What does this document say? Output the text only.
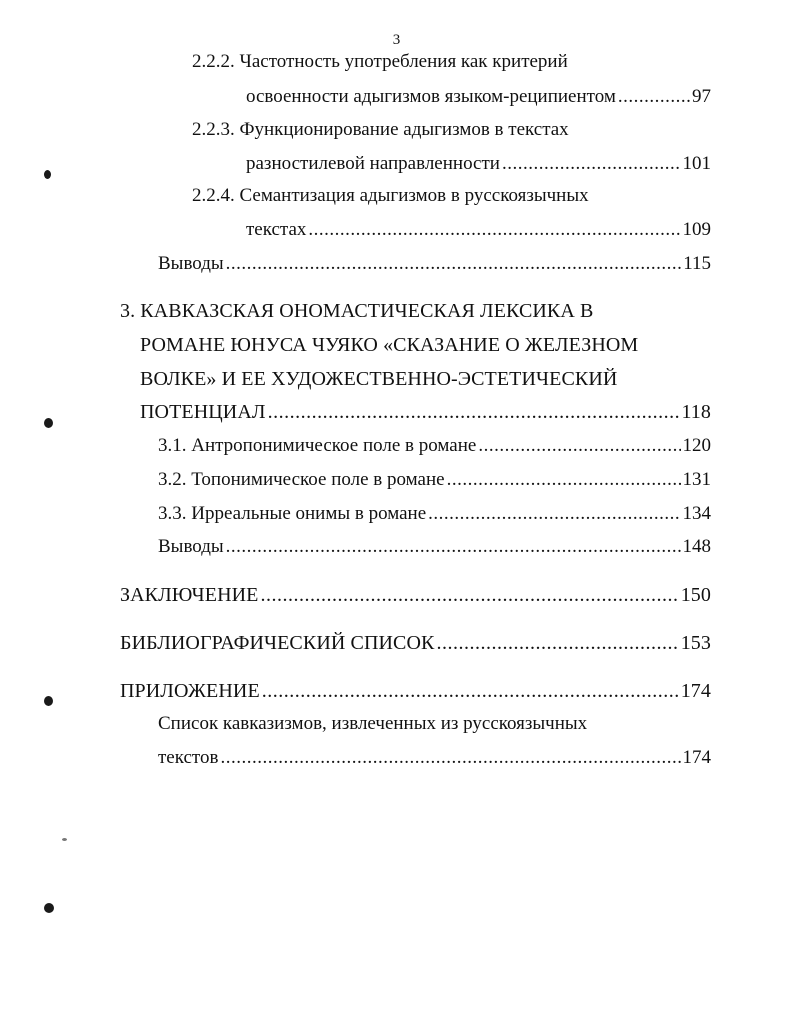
3
2.2.2. Частотность употребления как критерий
освоенности адыгизмов языком-реципиентом .....	97
2.2.3. Функционирование адыгизмов в текстах
разностилевой направленности .....	101
2.2.4. Семантизация адыгизмов в русскоязычных
текстах .....	109
Выводы .....	115
3. КАВКАЗСКАЯ ОНОМАСТИЧЕСКАЯ ЛЕКСИКА В
РОМАНЕ ЮНУСА ЧУЯКО «СКАЗАНИЕ О ЖЕЛЕЗНОМ
ВОЛКЕ» И ЕЕ ХУДОЖЕСТВЕННО-ЭСТЕТИЧЕСКИЙ
ПОТЕНЦИАЛ .....	118
3.1. Антропонимическое поле в романе .....	120
3.2. Топонимическое поле в романе .....	131
3.3. Ирреальные онимы в романе .....	134
Выводы .....	148
ЗАКЛЮЧЕНИЕ .....	150
БИБЛИОГРАФИЧЕСКИЙ СПИСОК .....	153
ПРИЛОЖЕНИЕ .....	174
Список кавказизмов, извлеченных из русскоязычных
текстов .....	174
